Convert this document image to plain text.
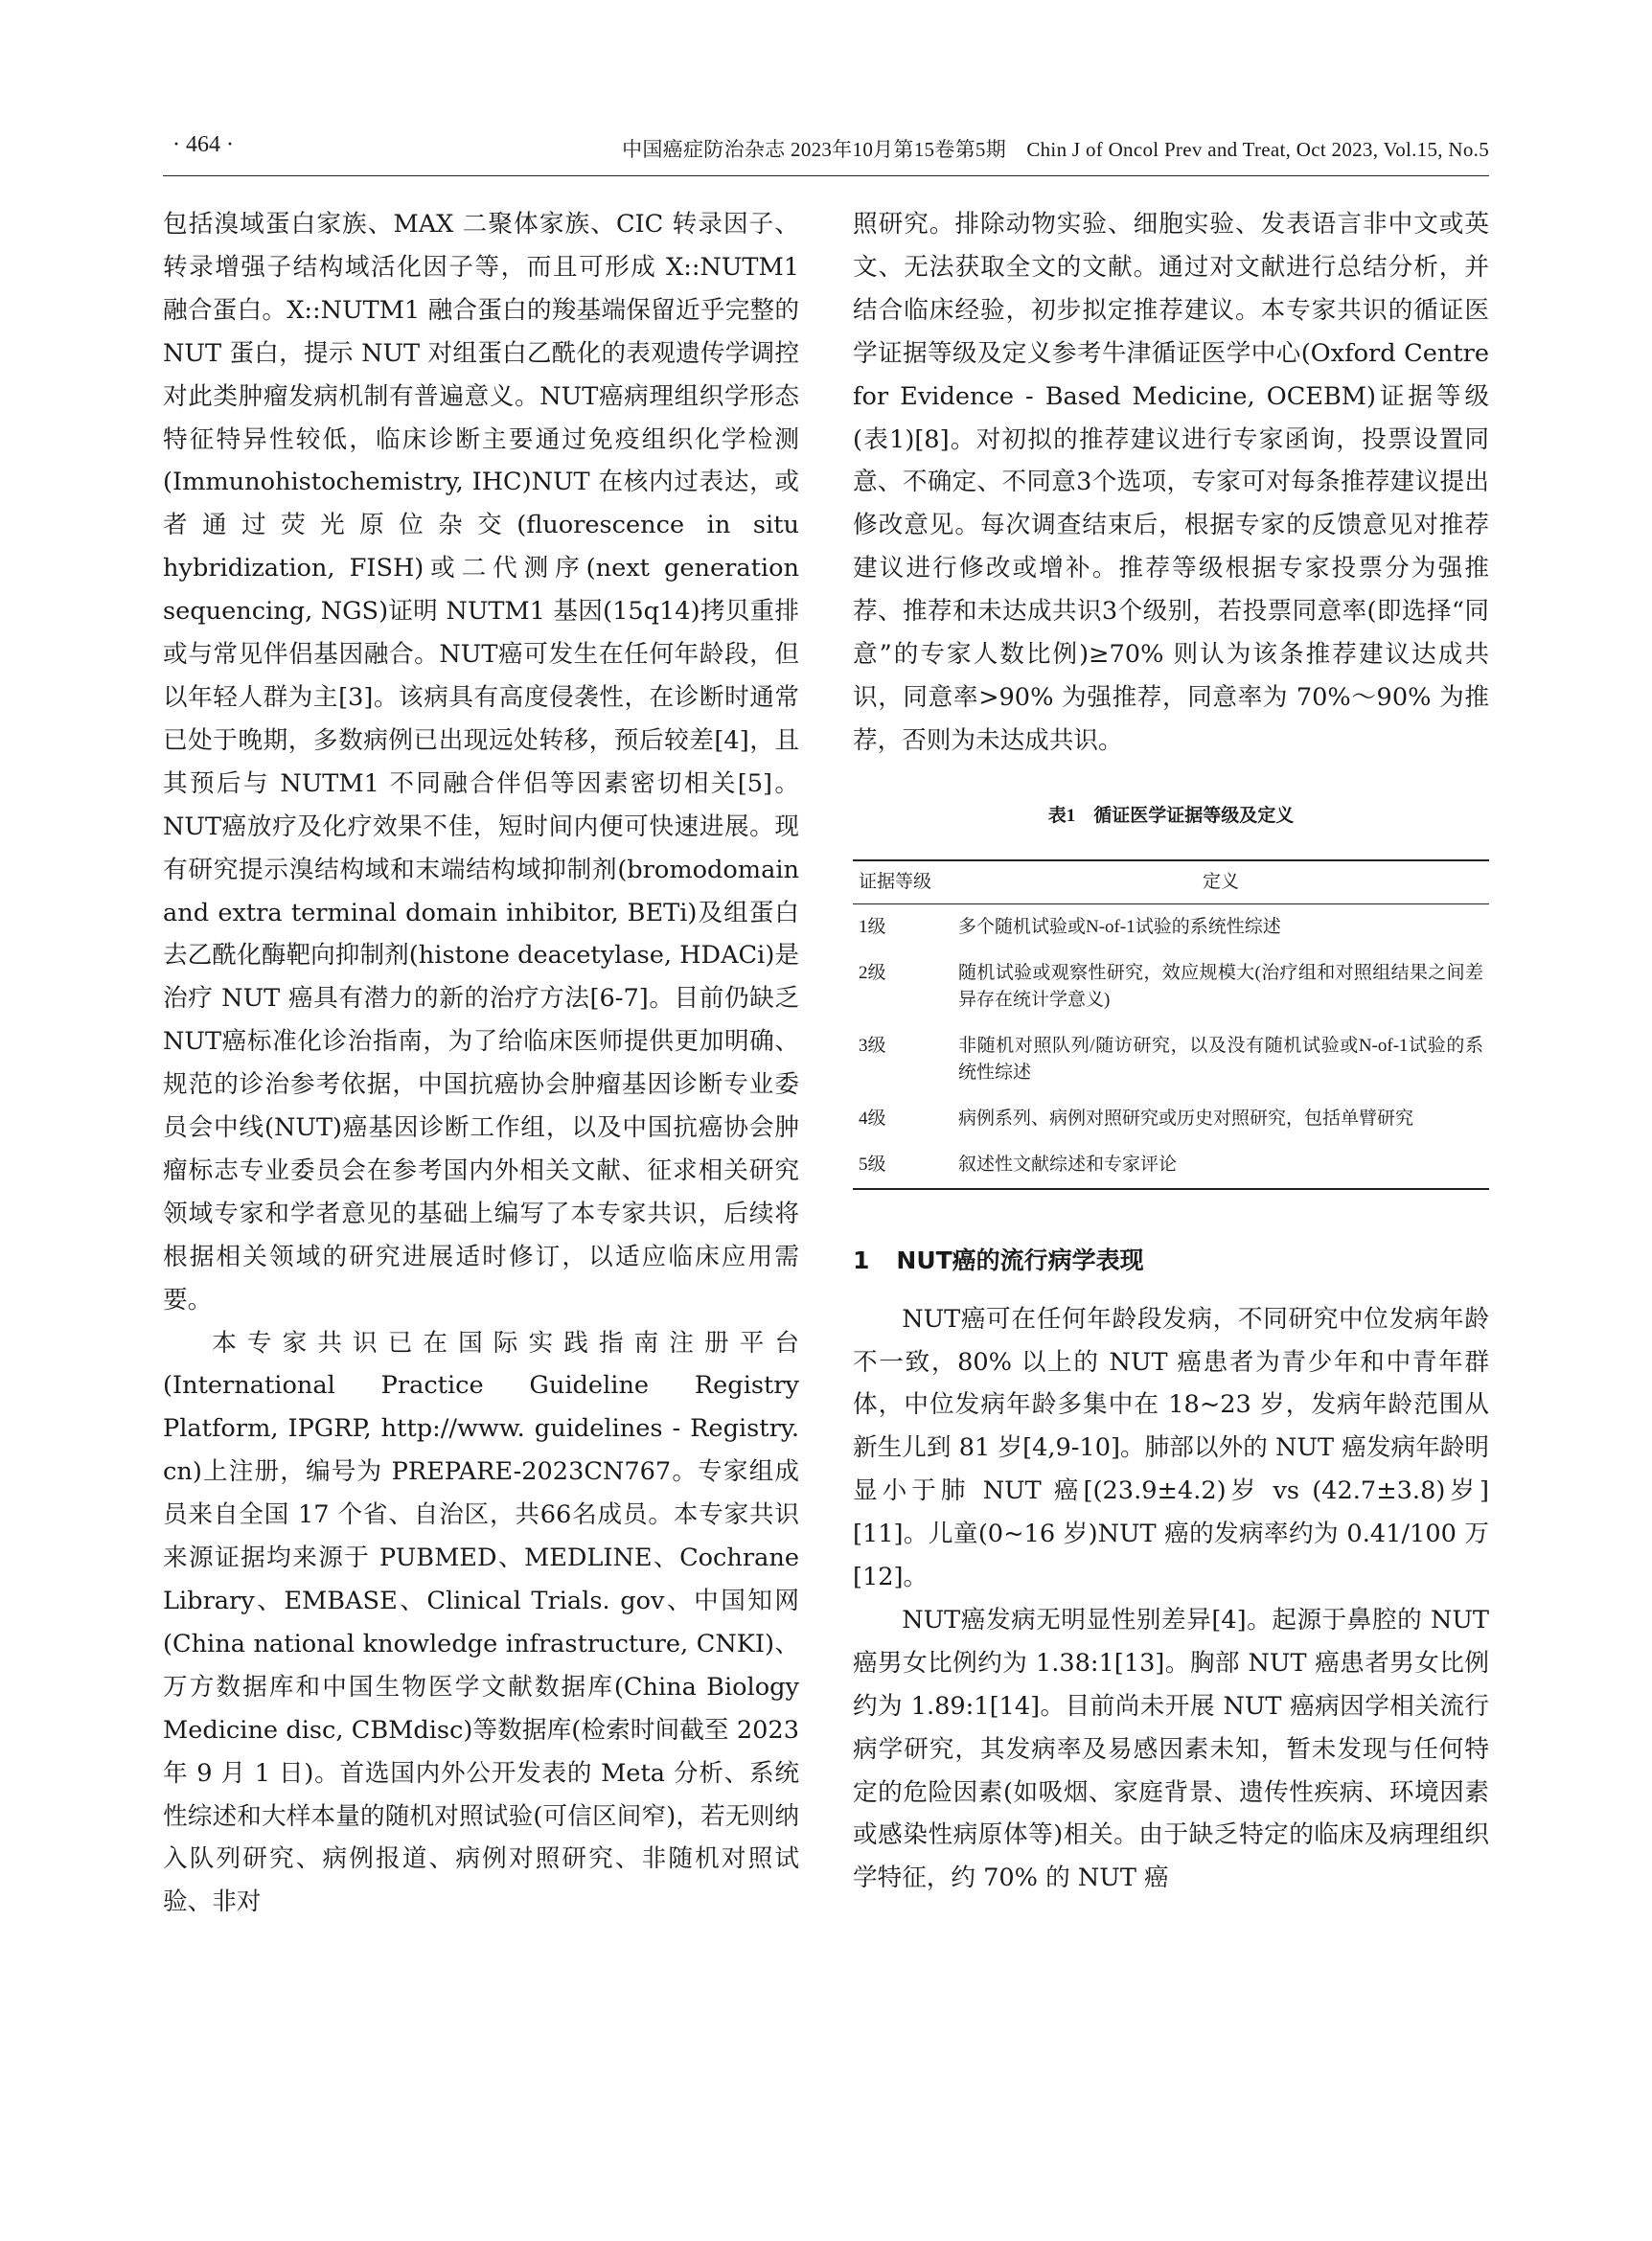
· 464 ·	中国癌症防治杂志 2023年10月第15卷第5期　Chin J of Oncol Prev and Treat, Oct 2023, Vol.15, No.5

包括溴域蛋白家族、MAX 二聚体家族、CIC 转录因子、转录增强子结构域活化因子等，而且可形成 X::NUTM1 融合蛋白。X::NUTM1 融合蛋白的羧基端保留近乎完整的 NUT 蛋白，提示 NUT 对组蛋白乙酰化的表观遗传学调控对此类肿瘤发病机制有普遍意义。NUT癌病理组织学形态特征特异性较低，临床诊断主要通过免疫组织化学检测(Immunohistochemistry, IHC)NUT 在核内过表达，或者通过荧光原位杂交(fluorescence in situ hybridization, FISH)或二代测序(next generation sequencing, NGS)证明 NUTM1 基因(15q14)拷贝重排或与常见伴侣基因融合。NUT癌可发生在任何年龄段，但以年轻人群为主[3]。该病具有高度侵袭性，在诊断时通常已处于晚期，多数病例已出现远处转移，预后较差[4]，且其预后与 NUTM1 不同融合伴侣等因素密切相关[5]。NUT癌放疗及化疗效果不佳，短时间内便可快速进展。现有研究提示溴结构域和末端结构域抑制剂(bromodomain and extra terminal domain inhibitor, BETi)及组蛋白去乙酰化酶靶向抑制剂(histone deacetylase, HDACi)是治疗 NUT 癌具有潜力的新的治疗方法[6-7]。目前仍缺乏NUT癌标准化诊治指南，为了给临床医师提供更加明确、规范的诊治参考依据，中国抗癌协会肿瘤基因诊断专业委员会中线(NUT)癌基因诊断工作组，以及中国抗癌协会肿瘤标志专业委员会在参考国内外相关文献、征求相关研究领域专家和学者意见的基础上编写了本专家共识，后续将根据相关领域的研究进展适时修订，以适应临床应用需要。

本专家共识已在国际实践指南注册平台(International Practice Guideline Registry Platform, IPGRP, http://www. guidelines - Registry. cn)上注册，编号为 PREPARE-2023CN767。专家组成员来自全国 17 个省、自治区，共66名成员。本专家共识来源证据均来源于 PUBMED、MEDLINE、Cochrane Library、EMBASE、Clinical Trials. gov、中国知网(China national knowledge infrastructure, CNKI)、万方数据库和中国生物医学文献数据库(China Biology Medicine disc, CBMdisc)等数据库(检索时间截至 2023 年 9 月 1 日)。首选国内外公开发表的 Meta 分析、系统性综述和大样本量的随机对照试验(可信区间窄)，若无则纳入队列研究、病例报道、病例对照研究、非随机对照试验、非对

照研究。排除动物实验、细胞实验、发表语言非中文或英文、无法获取全文的文献。通过对文献进行总结分析，并结合临床经验，初步拟定推荐建议。本专家共识的循证医学证据等级及定义参考牛津循证医学中心(Oxford Centre for Evidence - Based Medicine, OCEBM)证据等级(表1)[8]。对初拟的推荐建议进行专家函询，投票设置同意、不确定、不同意3个选项，专家可对每条推荐建议提出修改意见。每次调查结束后，根据专家的反馈意见对推荐建议进行修改或增补。推荐等级根据专家投票分为强推荐、推荐和未达成共识3个级别，若投票同意率(即选择“同意”的专家人数比例)≥70% 则认为该条推荐建议达成共识，同意率>90% 为强推荐，同意率为 70%～90% 为推荐，否则为未达成共识。

表1　循证医学证据等级及定义
证据等级	定义
1级	多个随机试验或N-of-1试验的系统性综述
2级	随机试验或观察性研究，效应规模大(治疗组和对照组结果之间差异存在统计学意义)
3级	非随机对照队列/随访研究，以及没有随机试验或N-of-1试验的系统性综述
4级	病例系列、病例对照研究或历史对照研究，包括单臂研究
5级	叙述性文献综述和专家评论
1 NUT癌的流行病学表现

NUT癌可在任何年龄段发病，不同研究中位发病年龄不一致，80% 以上的 NUT 癌患者为青少年和中青年群体，中位发病年龄多集中在 18~23 岁，发病年龄范围从新生儿到 81 岁[4,9-10]。肺部以外的 NUT 癌发病年龄明显小于肺 NUT 癌[(23.9±4.2)岁 vs (42.7±3.8)岁][11]。儿童(0~16 岁)NUT 癌的发病率约为 0.41/100 万[12]。

NUT癌发病无明显性别差异[4]。起源于鼻腔的 NUT 癌男女比例约为 1.38:1[13]。胸部 NUT 癌患者男女比例约为 1.89:1[14]。目前尚未开展 NUT 癌病因学相关流行病学研究，其发病率及易感因素未知，暂未发现与任何特定的危险因素(如吸烟、家庭背景、遗传性疾病、环境因素或感染性病原体等)相关。由于缺乏特定的临床及病理组织学特征，约 70% 的 NUT 癌
